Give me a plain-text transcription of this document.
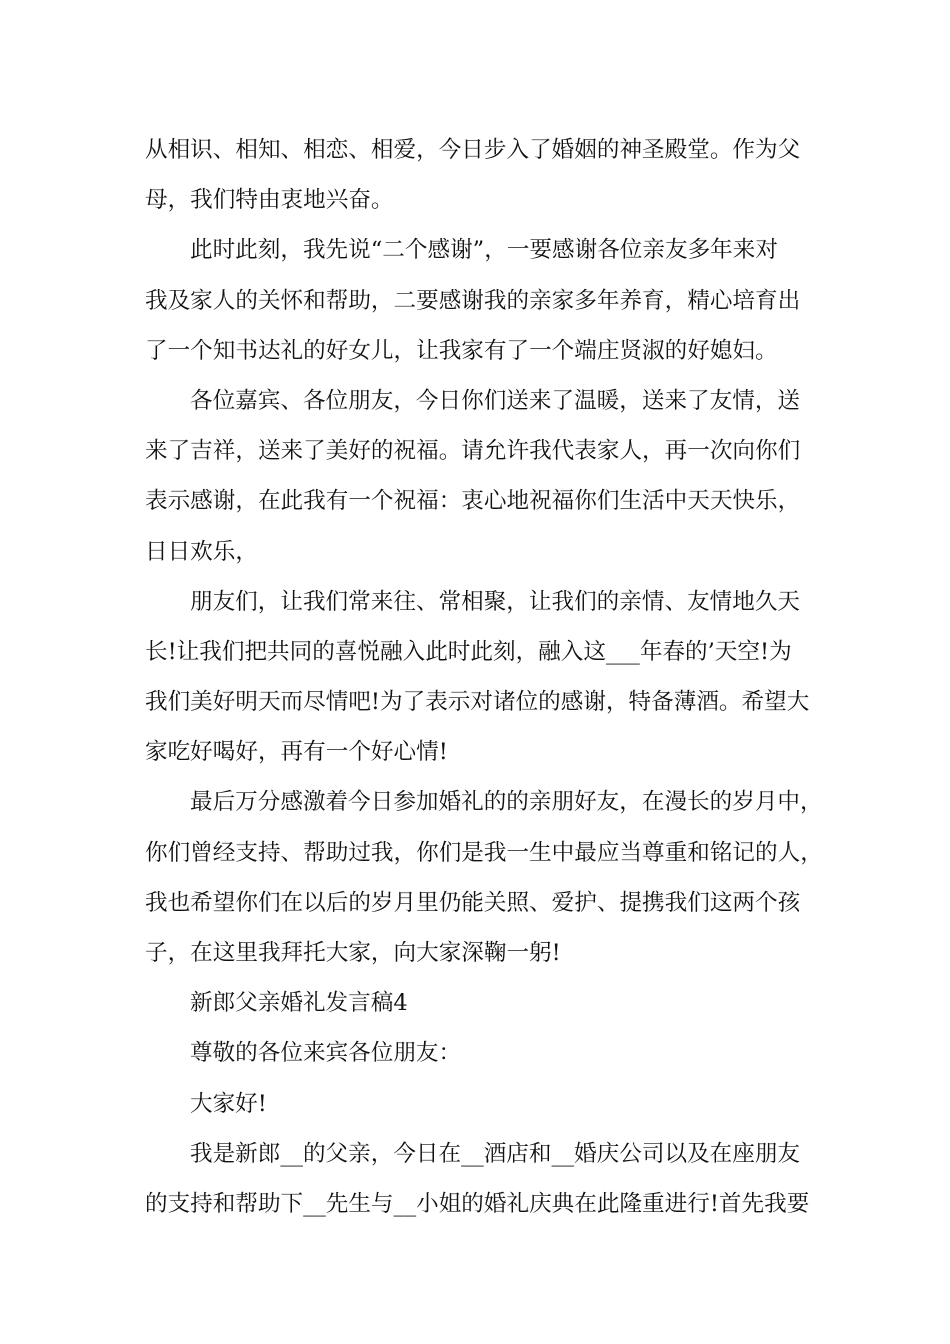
从相识、相知、相恋、相爱，今日步入了婚姻的神圣殿堂。作为父
母，我们特由衷地兴奋。

此时此刻，我先说“二个感谢”，一要感谢各位亲友多年来对
我及家人的关怀和帮助，二要感谢我的亲家多年养育，精心培育出
了一个知书达礼的好女儿，让我家有了一个端庄贤淑的好媳妇。

各位嘉宾、各位朋友，今日你们送来了温暖，送来了友情，送
来了吉祥，送来了美好的祝福。请允许我代表家人，再一次向你们
表示感谢，在此我有一个祝福：衷心地祝福你们生活中天天快乐，
日日欢乐，

朋友们，让我们常来往、常相聚，让我们的亲情、友情地久天
长!让我们把共同的喜悦融入此时此刻，融入这___年春的’天空!为
我们美好明天而尽情吧!为了表示对诸位的感谢，特备薄酒。希望大
家吃好喝好，再有一个好心情!

最后万分感激着今日参加婚礼的的亲朋好友，在漫长的岁月中，
你们曾经支持、帮助过我，你们是我一生中最应当尊重和铭记的人，
我也希望你们在以后的岁月里仍能关照、爱护、提携我们这两个孩
子，在这里我拜托大家，向大家深鞠一躬!

新郎父亲婚礼发言稿4

尊敬的各位来宾各位朋友：

大家好!

我是新郎__的父亲，今日在__酒店和__婚庆公司以及在座朋友
的支持和帮助下__先生与__小姐的婚礼庆典在此隆重进行!首先我要
